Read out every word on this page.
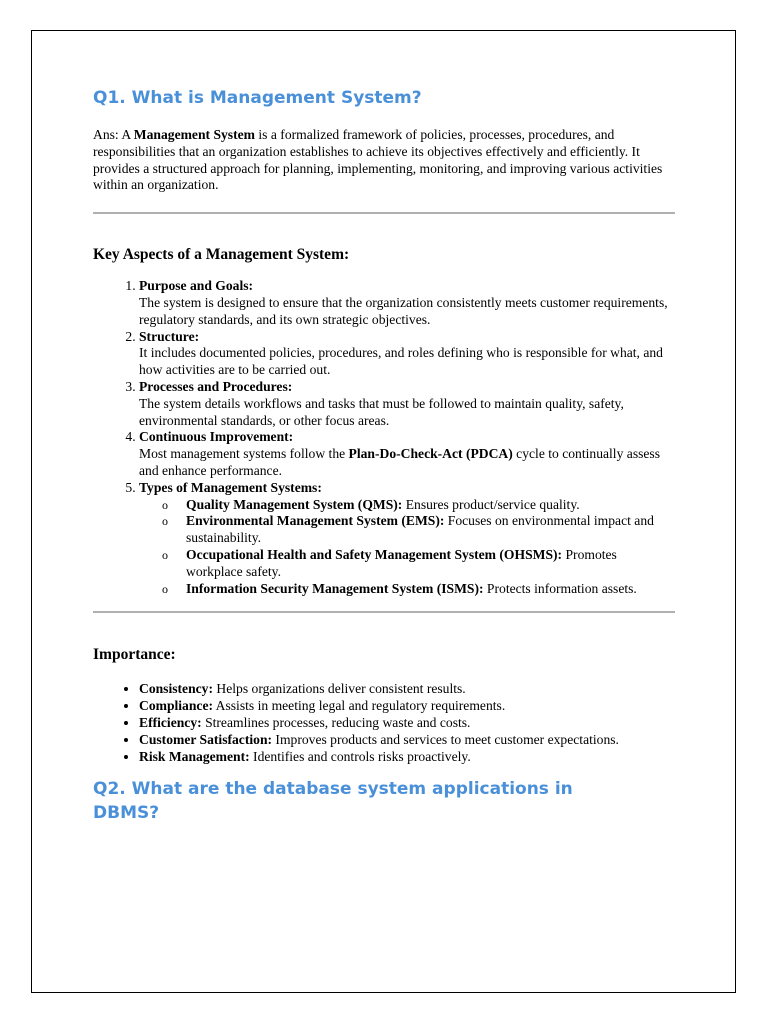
Q1. What is Management System?

Ans: A Management System is a formalized framework of policies, processes, procedures, and responsibilities that an organization establishes to achieve its objectives effectively and efficiently. It provides a structured approach for planning, implementing, monitoring, and improving various activities within an organization.

Key Aspects of a Management System:
1. Purpose and Goals:
The system is designed to ensure that the organization consistently meets customer requirements, regulatory standards, and its own strategic objectives.
2. Structure:
It includes documented policies, procedures, and roles defining who is responsible for what, and how activities are to be carried out.
3. Processes and Procedures:
The system details workflows and tasks that must be followed to maintain quality, safety, environmental standards, or other focus areas.
4. Continuous Improvement:
Most management systems follow the Plan-Do-Check-Act (PDCA) cycle to continually assess and enhance performance.
5. Types of Management Systems:
o Quality Management System (QMS): Ensures product/service quality.
o Environmental Management System (EMS): Focuses on environmental impact and sustainability.
o Occupational Health and Safety Management System (OHSMS): Promotes workplace safety.
o Information Security Management System (ISMS): Protects information assets.
Importance:
• Consistency: Helps organizations deliver consistent results.
• Compliance: Assists in meeting legal and regulatory requirements.
• Efficiency: Streamlines processes, reducing waste and costs.
• Customer Satisfaction: Improves products and services to meet customer expectations.
• Risk Management: Identifies and controls risks proactively.
Q2. What are the database system applications in DBMS?
